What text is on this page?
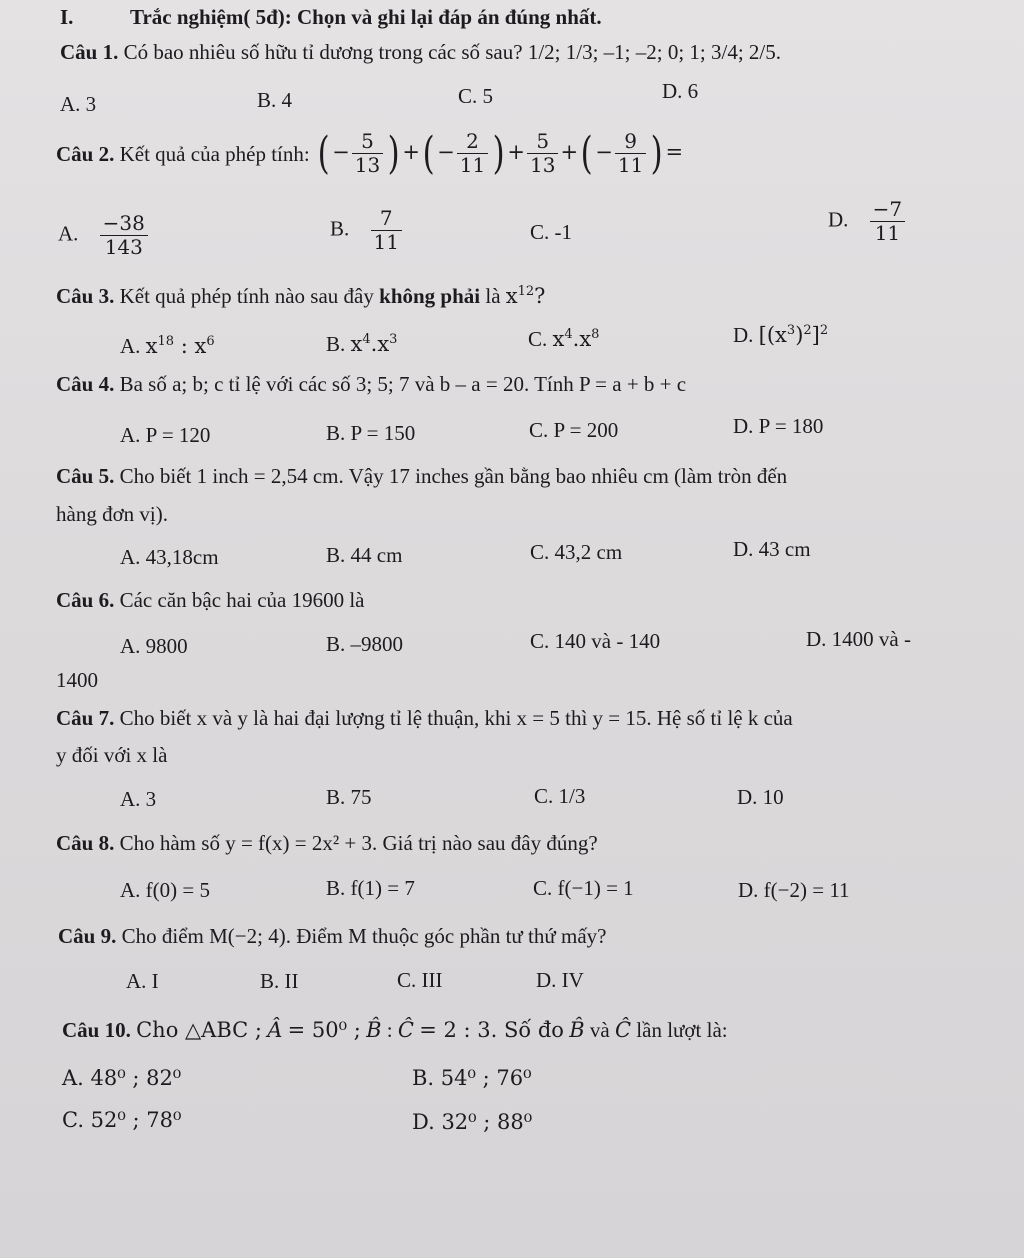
I.	Trắc nghiệm( 5đ): Chọn và ghi lại đáp án đúng nhất.
Câu 1. Có bao nhiêu số hữu tỉ dương trong các số sau? 1/2; 1/3; –1; –2; 0; 1; 3/4; 2/5.
A. 3	B. 4	C. 5	D. 6
Câu 2. Kết quả của phép tính: ( − $\frac{5}{13}$ ) +( − $\frac{2}{11}$ ) + $\frac{5}{13}$ +( − $\frac{9}{11}$ ) =
A. $\frac{-38}{143}$	B. $\frac{7}{11}$	C. -1
D. $\frac{-7}{11}$
Câu 3. Kết quả phép tính nào sau đây không phải là $x^{12}$?
A. $x^{18}$ : $x^6$	B. $x^4.x^3$	C. $x^4.x^8$	D. $[(x^3)^2]^2$
Câu 4. Ba số a; b; c tỉ lệ với các số 3; 5; 7 và b – a = 20. Tính P = a + b + c
A. P = 120	B. P = 150	C. P = 200	D. P = 180
Câu 5. Cho biết 1 inch = 2,54 cm. Vậy 17 inches gần bằng bao nhiêu cm (làm tròn đến
hàng đơn vị).
A. 43,18cm	B. 44 cm	C. 43,2 cm	D. 43 cm
Câu 6. Các căn bậc hai của 19600 là
A. 9800	B. –9800	C. 140 và - 140	D. 1400 và -
1400
Câu 7. Cho biết x và y là hai đại lượng tỉ lệ thuận, khi x = 5 thì y = 15. Hệ số tỉ lệ k của
y đối với x là
A. 3	B. 75	C. 1/3	D. 10
Câu 8. Cho hàm số y = f(x) = 2x² + 3. Giá trị nào sau đây đúng?
A. f(0) = 5	B. f(1) = 7	C. f(−1) = 1	D. f(−2) = 11
Câu 9. Cho điểm M(−2; 4). Điểm M thuộc góc phần tư thứ mấy?
A. I	B. II	C. III	D. IV
Câu 10. Cho △ABC ; Â = 50⁰ ; B̂ : Ĉ = 2 : 3. Số đo B̂ và Ĉ lần lượt là:
A. 48⁰ ; 82⁰	B. 54⁰ ; 76⁰
C. 52⁰ ; 78⁰	D. 32⁰ ; 88⁰
